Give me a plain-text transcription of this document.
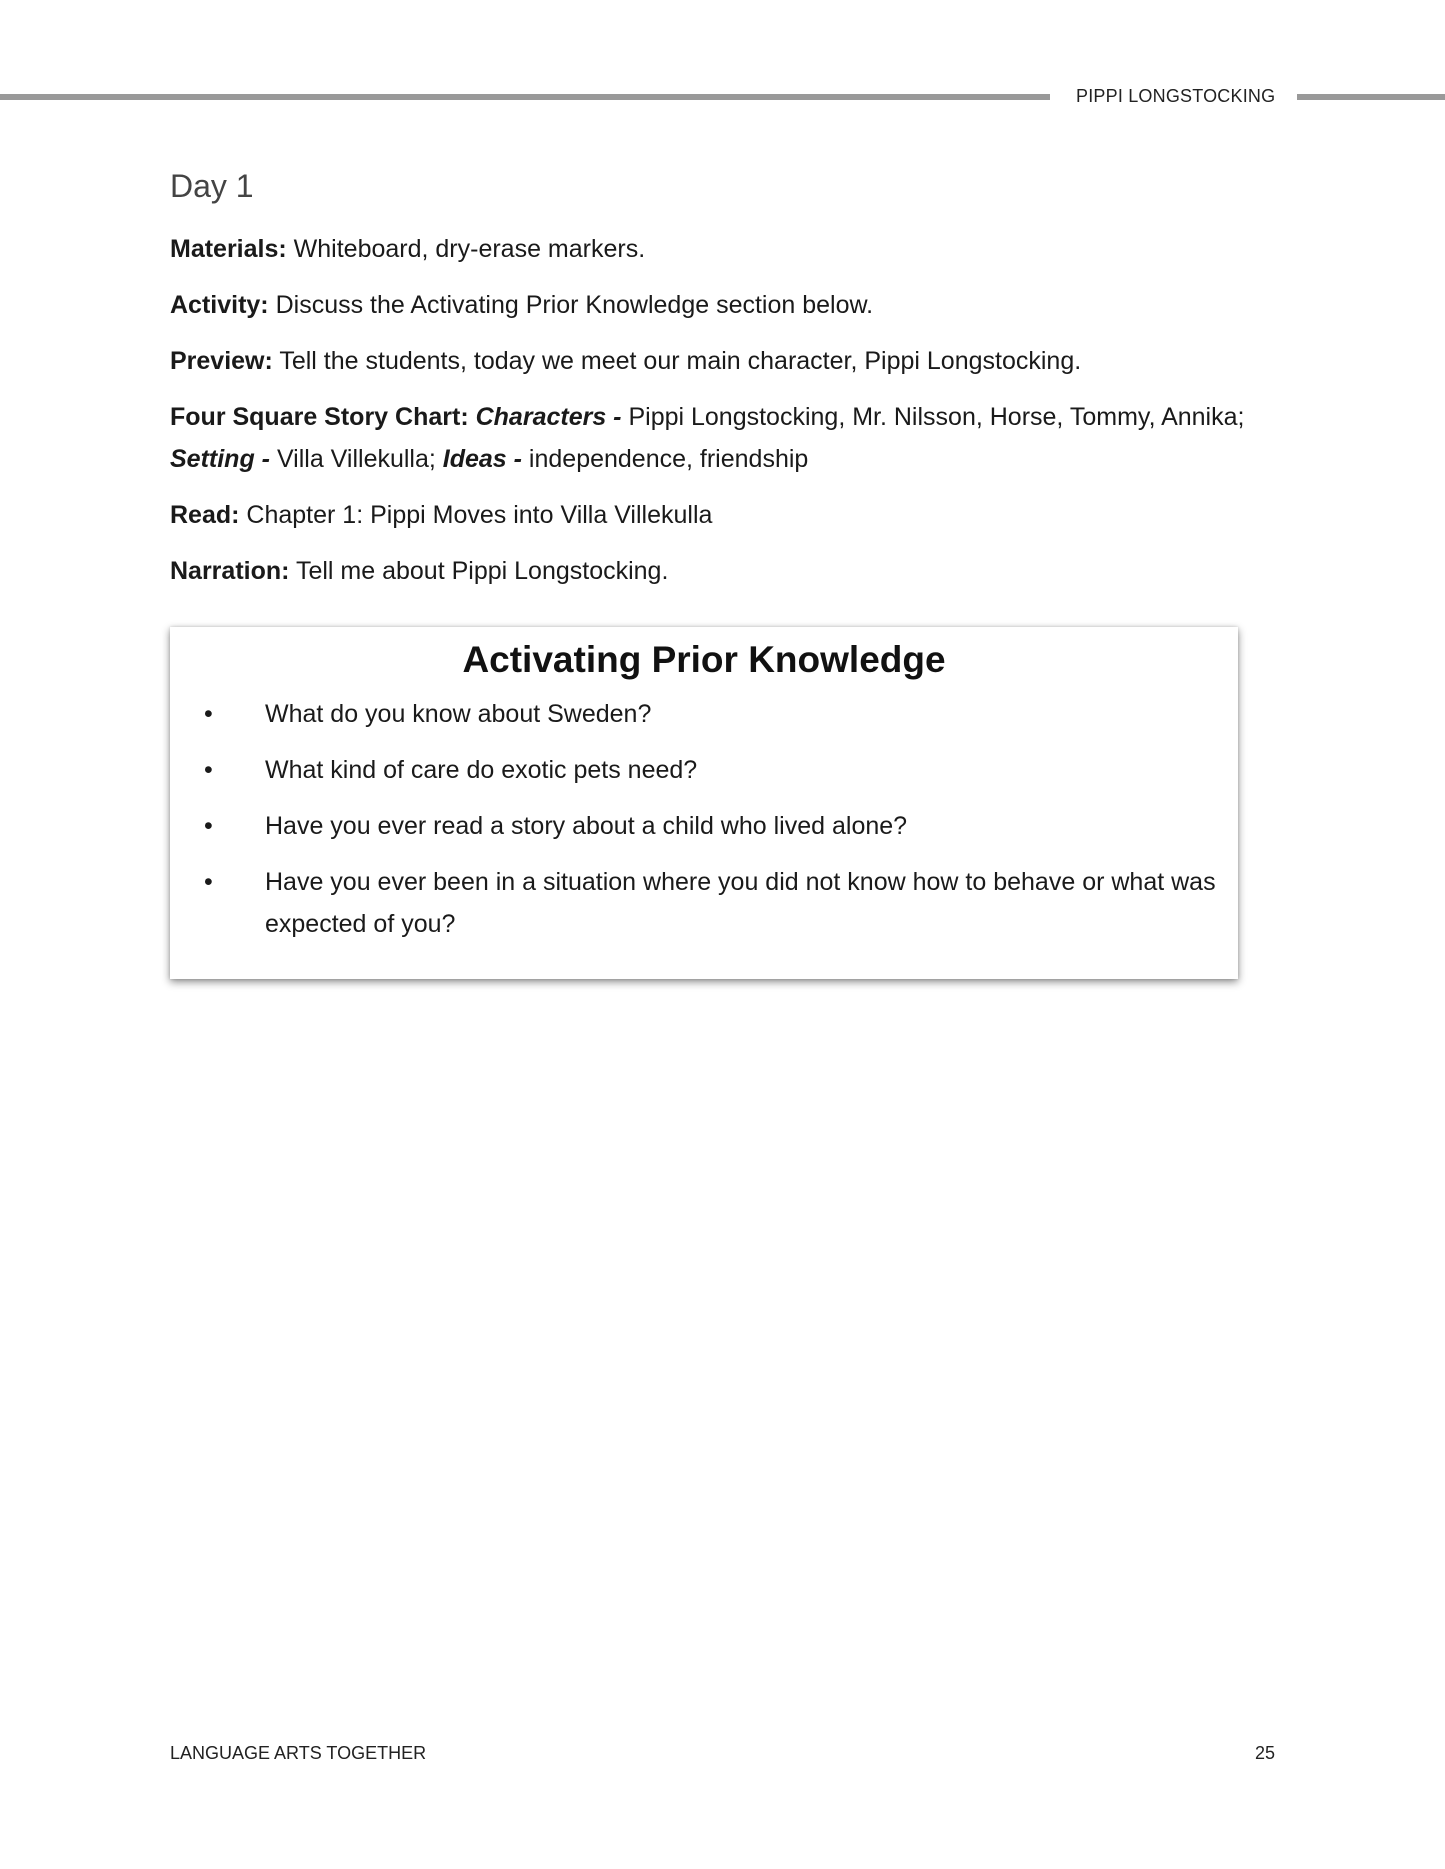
PIPPI LONGSTOCKING
Day 1

Materials: Whiteboard, dry-erase markers.

Activity: Discuss the Activating Prior Knowledge section below.

Preview: Tell the students, today we meet our main character, Pippi Longstocking.

Four Square Story Chart: Characters - Pippi Longstocking, Mr. Nilsson, Horse, Tommy, Annika; Setting - Villa Villekulla; Ideas - independence, friendship

Read: Chapter 1: Pippi Moves into Villa Villekulla

Narration: Tell me about Pippi Longstocking.

Activating Prior Knowledge
• What do you know about Sweden?
• What kind of care do exotic pets need?
• Have you ever read a story about a child who lived alone?
• Have you ever been in a situation where you did not know how to behave or what was expected of you?
LANGUAGE ARTS TOGETHER	25
